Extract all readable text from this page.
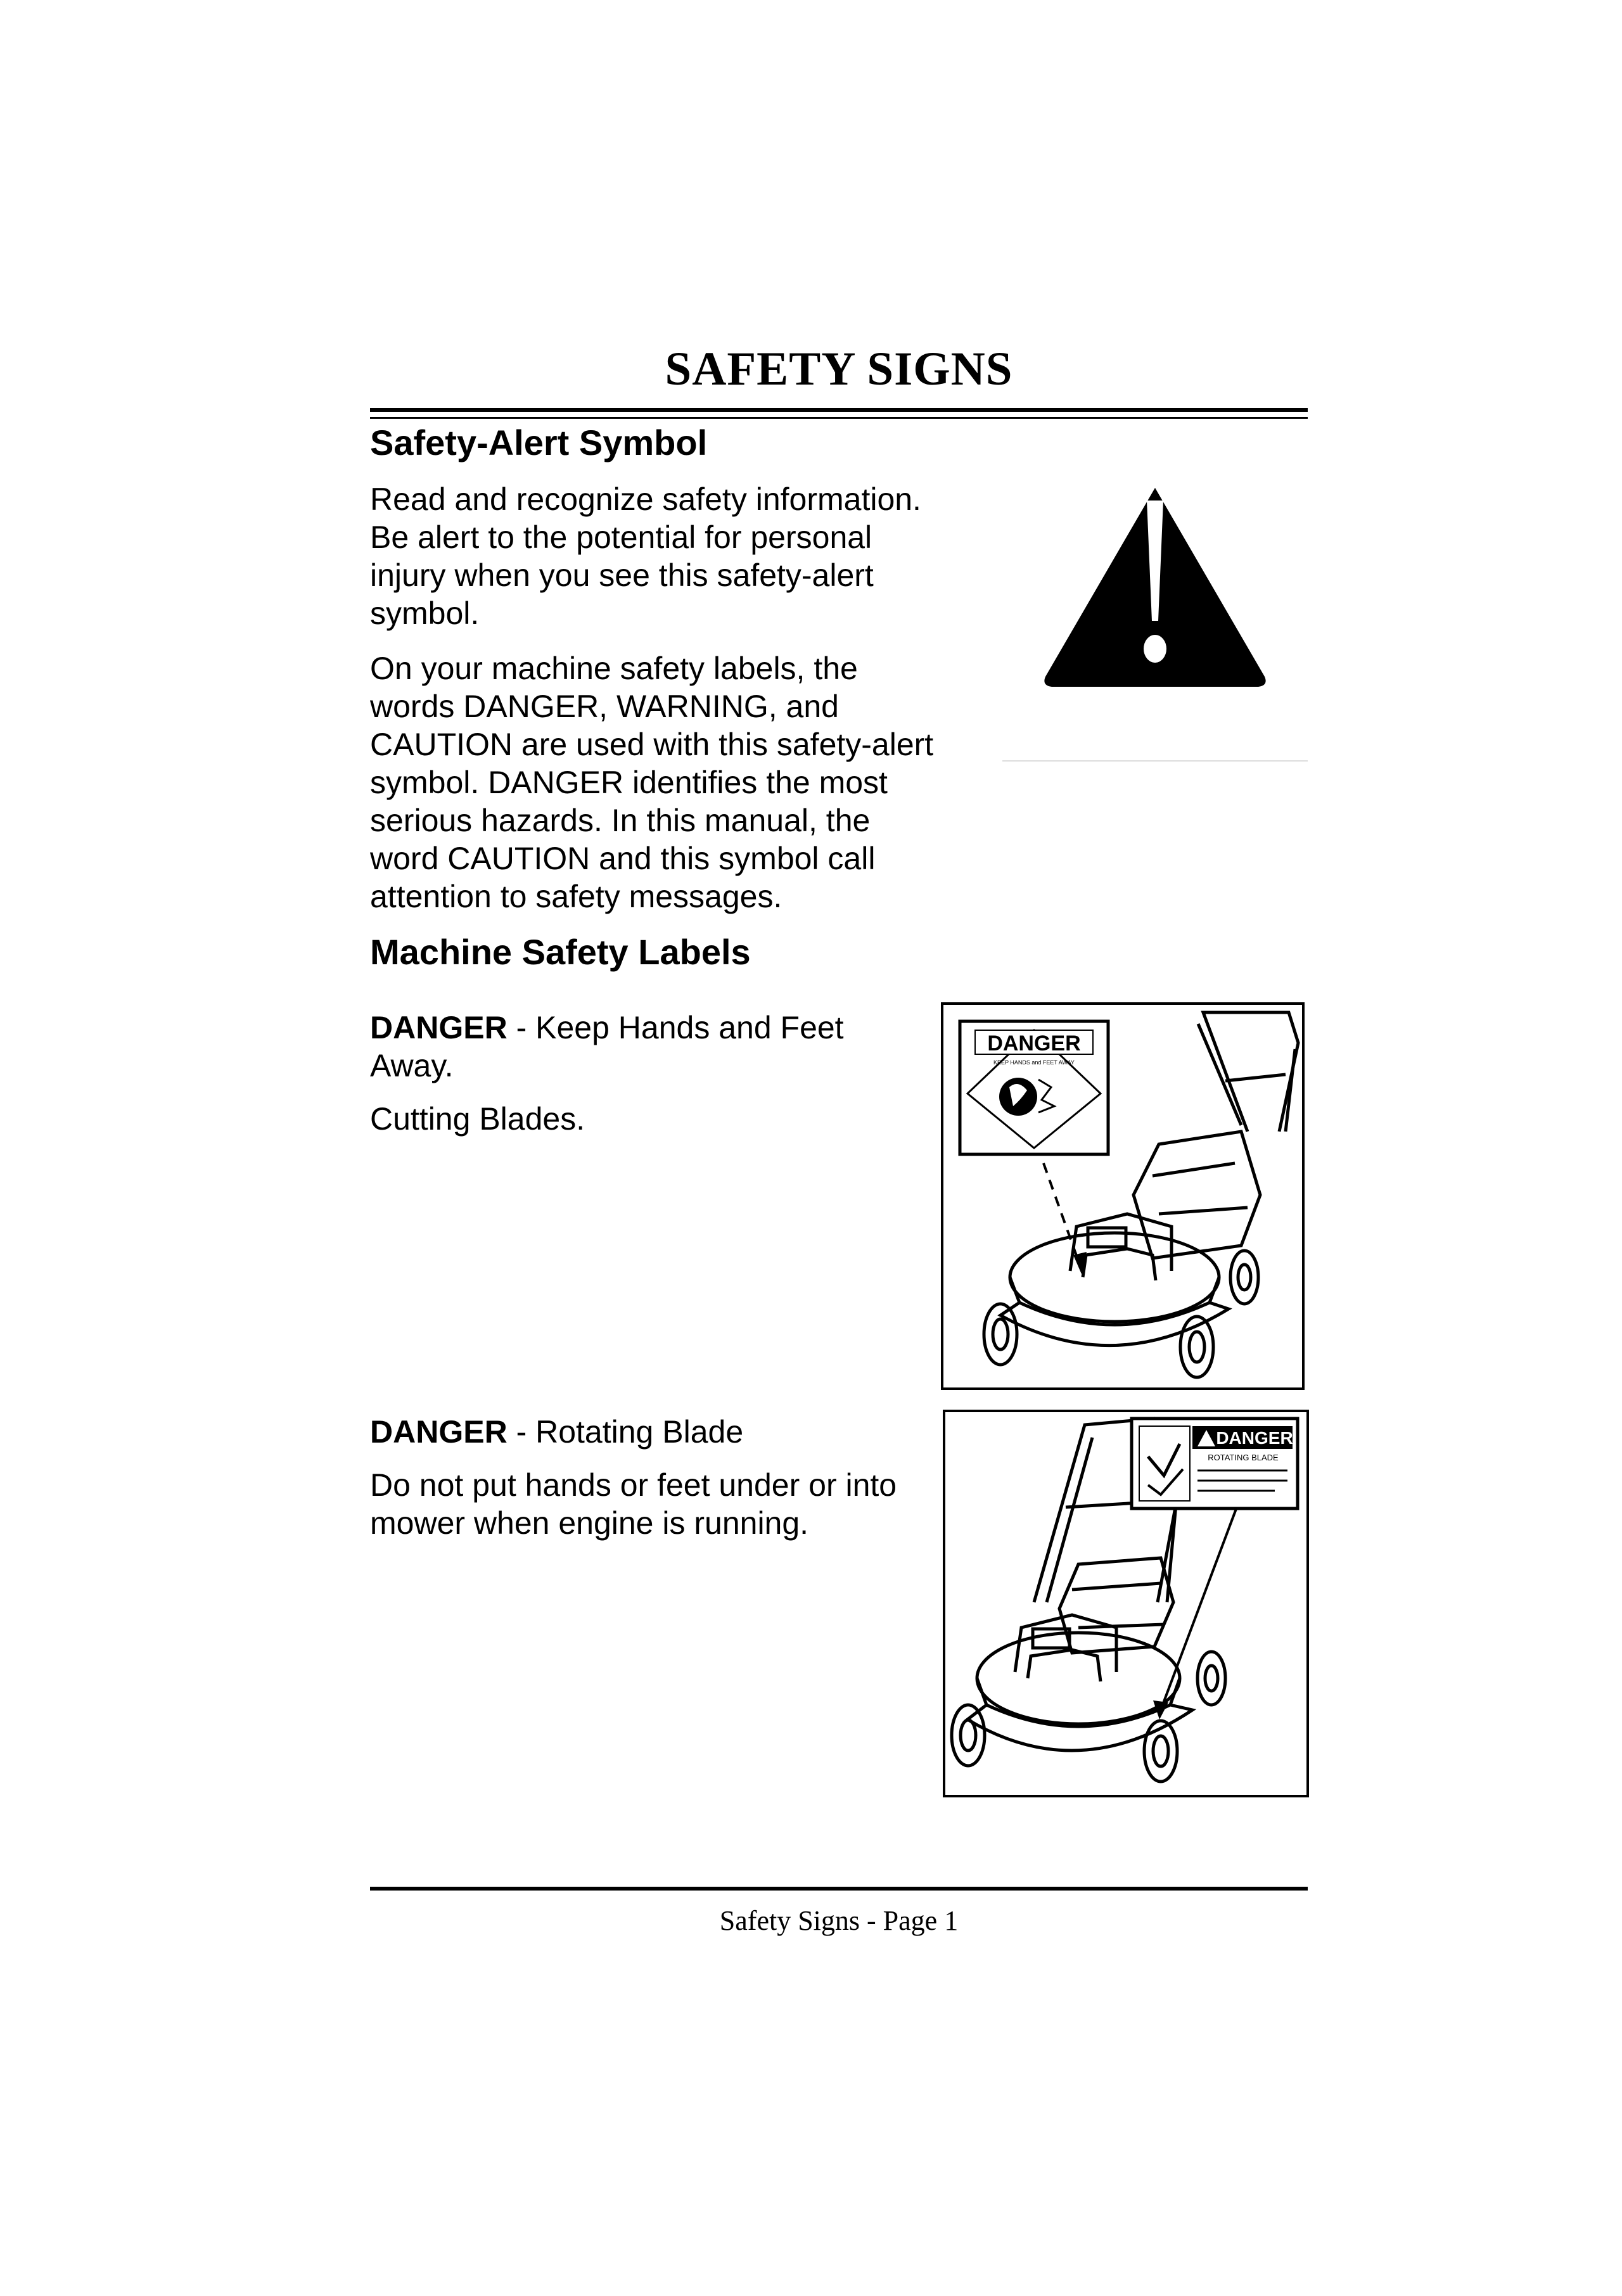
SAFETY SIGNS
Safety-Alert Symbol

Read and recognize safety information.

Be alert to the potential for personal

injury when you see this safety-alert

symbol.

On your machine safety labels, the

words DANGER, WARNING, and

CAUTION are used with this safety-alert

symbol. DANGER identifies the most

serious hazards. In this manual, the

word CAUTION and this symbol call

attention to safety messages.

Machine Safety Labels

DANGER - Keep Hands and Feet

Away.

Cutting Blades.

DANGER - Rotating Blade

Do not put hands or feet under or into

mower when engine is running.

DANGER
KEEP HANDS and FEET AWAY
DANGER
ROTATING BLADE
Safety Signs - Page 1
